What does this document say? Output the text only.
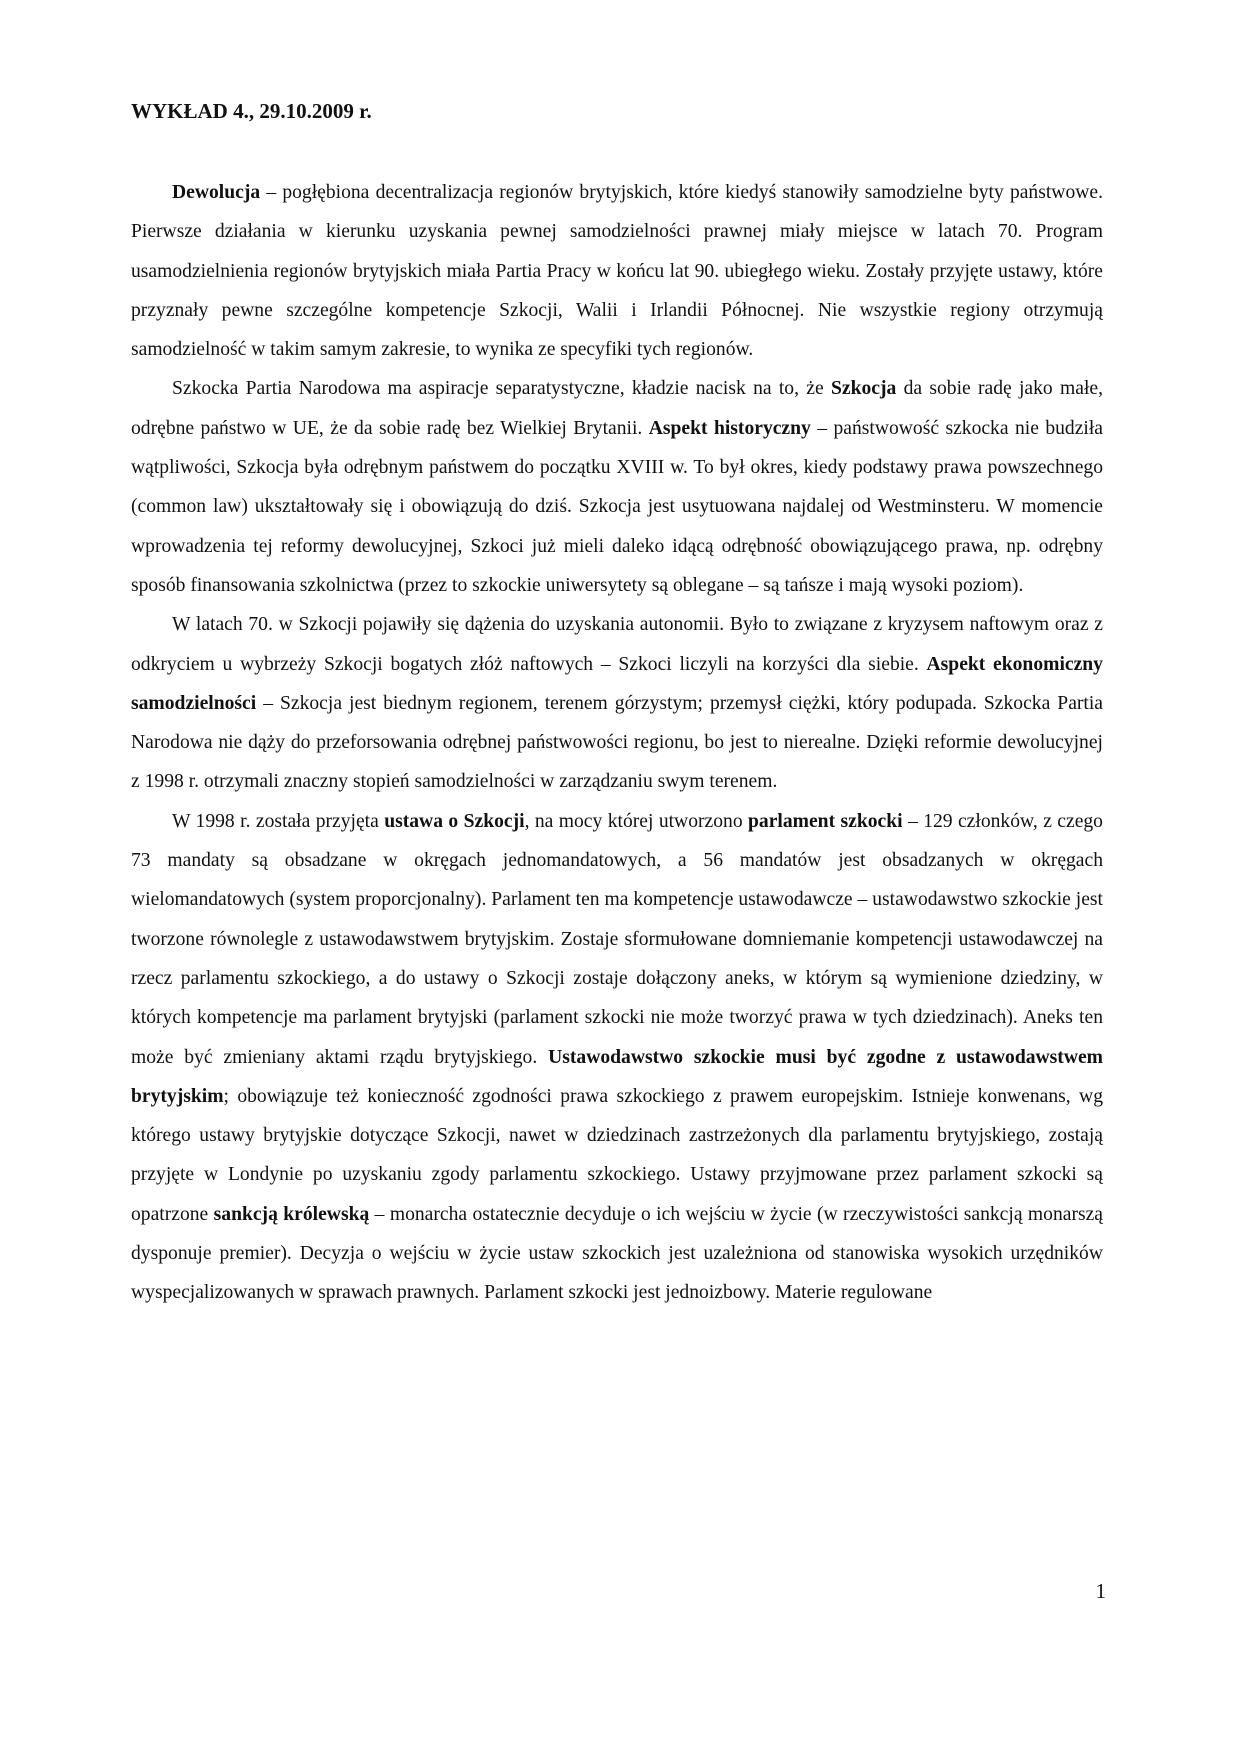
WYKŁAD 4., 29.10.2009 r.

Dewolucja – pogłębiona decentralizacja regionów brytyjskich, które kiedyś stanowiły samodzielne byty państwowe. Pierwsze działania w kierunku uzyskania pewnej samodzielności prawnej miały miejsce w latach 70. Program usamodzielnienia regionów brytyjskich miała Partia Pracy w końcu lat 90. ubiegłego wieku. Zostały przyjęte ustawy, które przyznały pewne szczególne kompetencje Szkocji, Walii i Irlandii Północnej. Nie wszystkie regiony otrzymują samodzielność w takim samym zakresie, to wynika ze specyfiki tych regionów.

Szkocka Partia Narodowa ma aspiracje separatystyczne, kładzie nacisk na to, że Szkocja da sobie radę jako małe, odrębne państwo w UE, że da sobie radę bez Wielkiej Brytanii. Aspekt historyczny – państwowość szkocka nie budziła wątpliwości, Szkocja była odrębnym państwem do początku XVIII w. To był okres, kiedy podstawy prawa powszechnego (common law) ukształtowały się i obowiązują do dziś. Szkocja jest usytuowana najdalej od Westminsteru. W momencie wprowadzenia tej reformy dewolucyjnej, Szkoci już mieli daleko idącą odrębność obowiązującego prawa, np. odrębny sposób finansowania szkolnictwa (przez to szkockie uniwersytety są oblegane – są tańsze i mają wysoki poziom).

W latach 70. w Szkocji pojawiły się dążenia do uzyskania autonomii. Było to związane z kryzysem naftowym oraz z odkryciem u wybrzeży Szkocji bogatych złóż naftowych – Szkoci liczyli na korzyści dla siebie. Aspekt ekonomiczny samodzielności – Szkocja jest biednym regionem, terenem górzystym; przemysł ciężki, który podupada. Szkocka Partia Narodowa nie dąży do przeforsowania odrębnej państwowości regionu, bo jest to nierealne. Dzięki reformie dewolucyjnej z 1998 r. otrzymali znaczny stopień samodzielności w zarządzaniu swym terenem.

W 1998 r. została przyjęta ustawa o Szkocji, na mocy której utworzono parlament szkocki – 129 członków, z czego 73 mandaty są obsadzane w okręgach jednomandatowych, a 56 mandatów jest obsadzanych w okręgach wielomandatowych (system proporcjonalny). Parlament ten ma kompetencje ustawodawcze – ustawodawstwo szkockie jest tworzone równolegle z ustawodawstwem brytyjskim. Zostaje sformułowane domniemanie kompetencji ustawodawczej na rzecz parlamentu szkockiego, a do ustawy o Szkocji zostaje dołączony aneks, w którym są wymienione dziedziny, w których kompetencje ma parlament brytyjski (parlament szkocki nie może tworzyć prawa w tych dziedzinach). Aneks ten może być zmieniany aktami rządu brytyjskiego. Ustawodawstwo szkockie musi być zgodne z ustawodawstwem brytyjskim; obowiązuje też konieczność zgodności prawa szkockiego z prawem europejskim. Istnieje konwenans, wg którego ustawy brytyjskie dotyczące Szkocji, nawet w dziedzinach zastrzeżonych dla parlamentu brytyjskiego, zostają przyjęte w Londynie po uzyskaniu zgody parlamentu szkockiego. Ustawy przyjmowane przez parlament szkocki są opatrzone sankcją królewską – monarcha ostatecznie decyduje o ich wejściu w życie (w rzeczywistości sankcją monarszą dysponuje premier). Decyzja o wejściu w życie ustaw szkockich jest uzależniona od stanowiska wysokich urzędników wyspecjalizowanych w sprawach prawnych. Parlament szkocki jest jednoizbowy. Materie regulowane

1
